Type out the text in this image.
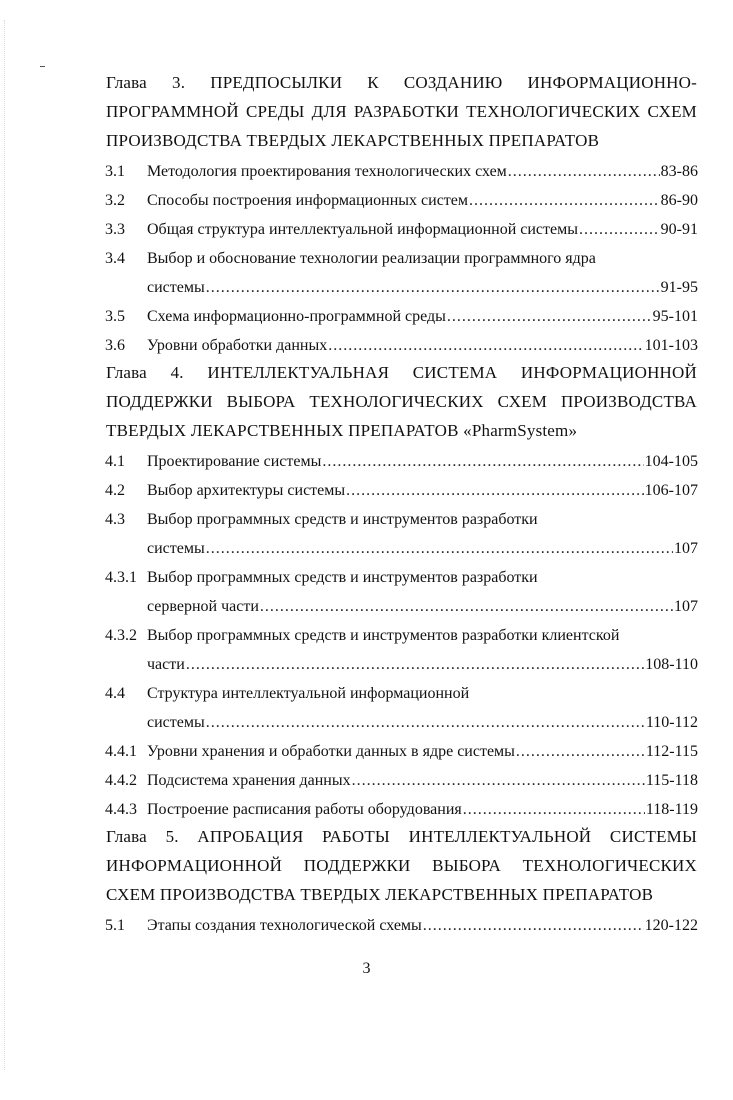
Глава 3. ПРЕДПОСЫЛКИ К СОЗДАНИЮ ИНФОРМАЦИОННО-
ПРОГРАММНОЙ СРЕДЫ ДЛЯ РАЗРАБОТКИ ТЕХНОЛОГИЧЕСКИХ СХЕМ
ПРОИЗВОДСТВА ТВЕРДЫХ ЛЕКАРСТВЕННЫХ ПРЕПАРАТОВ
3.1 Методология проектирования технологических схем .....	83-86
3.2 Способы построения информационных систем .....	86-90
3.3 Общая структура интеллектуальной информационной системы .....	90-91
3.4 Выбор и обоснование технологии реализации программного ядра
системы .....	91-95
3.5 Схема информационно-программной среды .....	95-101
3.6 Уровни обработки данных .....	101-103
Глава 4. ИНТЕЛЛЕКТУАЛЬНАЯ СИСТЕМА ИНФОРМАЦИОННОЙ
ПОДДЕРЖКИ ВЫБОРА ТЕХНОЛОГИЧЕСКИХ СХЕМ ПРОИЗВОДСТВА
ТВЕРДЫХ ЛЕКАРСТВЕННЫХ ПРЕПАРАТОВ «PharmSystem»
4.1 Проектирование системы .....	104-105
4.2 Выбор архитектуры системы .....	106-107
4.3 Выбор программных средств и инструментов разработки
системы .....	107
4.3.1 Выбор программных средств и инструментов разработки
серверной части .....	107
4.3.2 Выбор программных средств и инструментов разработки клиентской
части .....	108-110
4.4 Структура интеллектуальной информационной
системы .....	110-112
4.4.1 Уровни хранения и обработки данных в ядре системы .....	112-115
4.4.2 Подсистема хранения данных .....	115-118
4.4.3 Построение расписания работы оборудования .....	118-119
Глава 5. АПРОБАЦИЯ РАБОТЫ ИНТЕЛЛЕКТУАЛЬНОЙ СИСТЕМЫ
ИНФОРМАЦИОННОЙ ПОДДЕРЖКИ ВЫБОРА ТЕХНОЛОГИЧЕСКИХ
СХЕМ ПРОИЗВОДСТВА ТВЕРДЫХ ЛЕКАРСТВЕННЫХ ПРЕПАРАТОВ
5.1 Этапы создания технологической схемы .....	120-122
3
